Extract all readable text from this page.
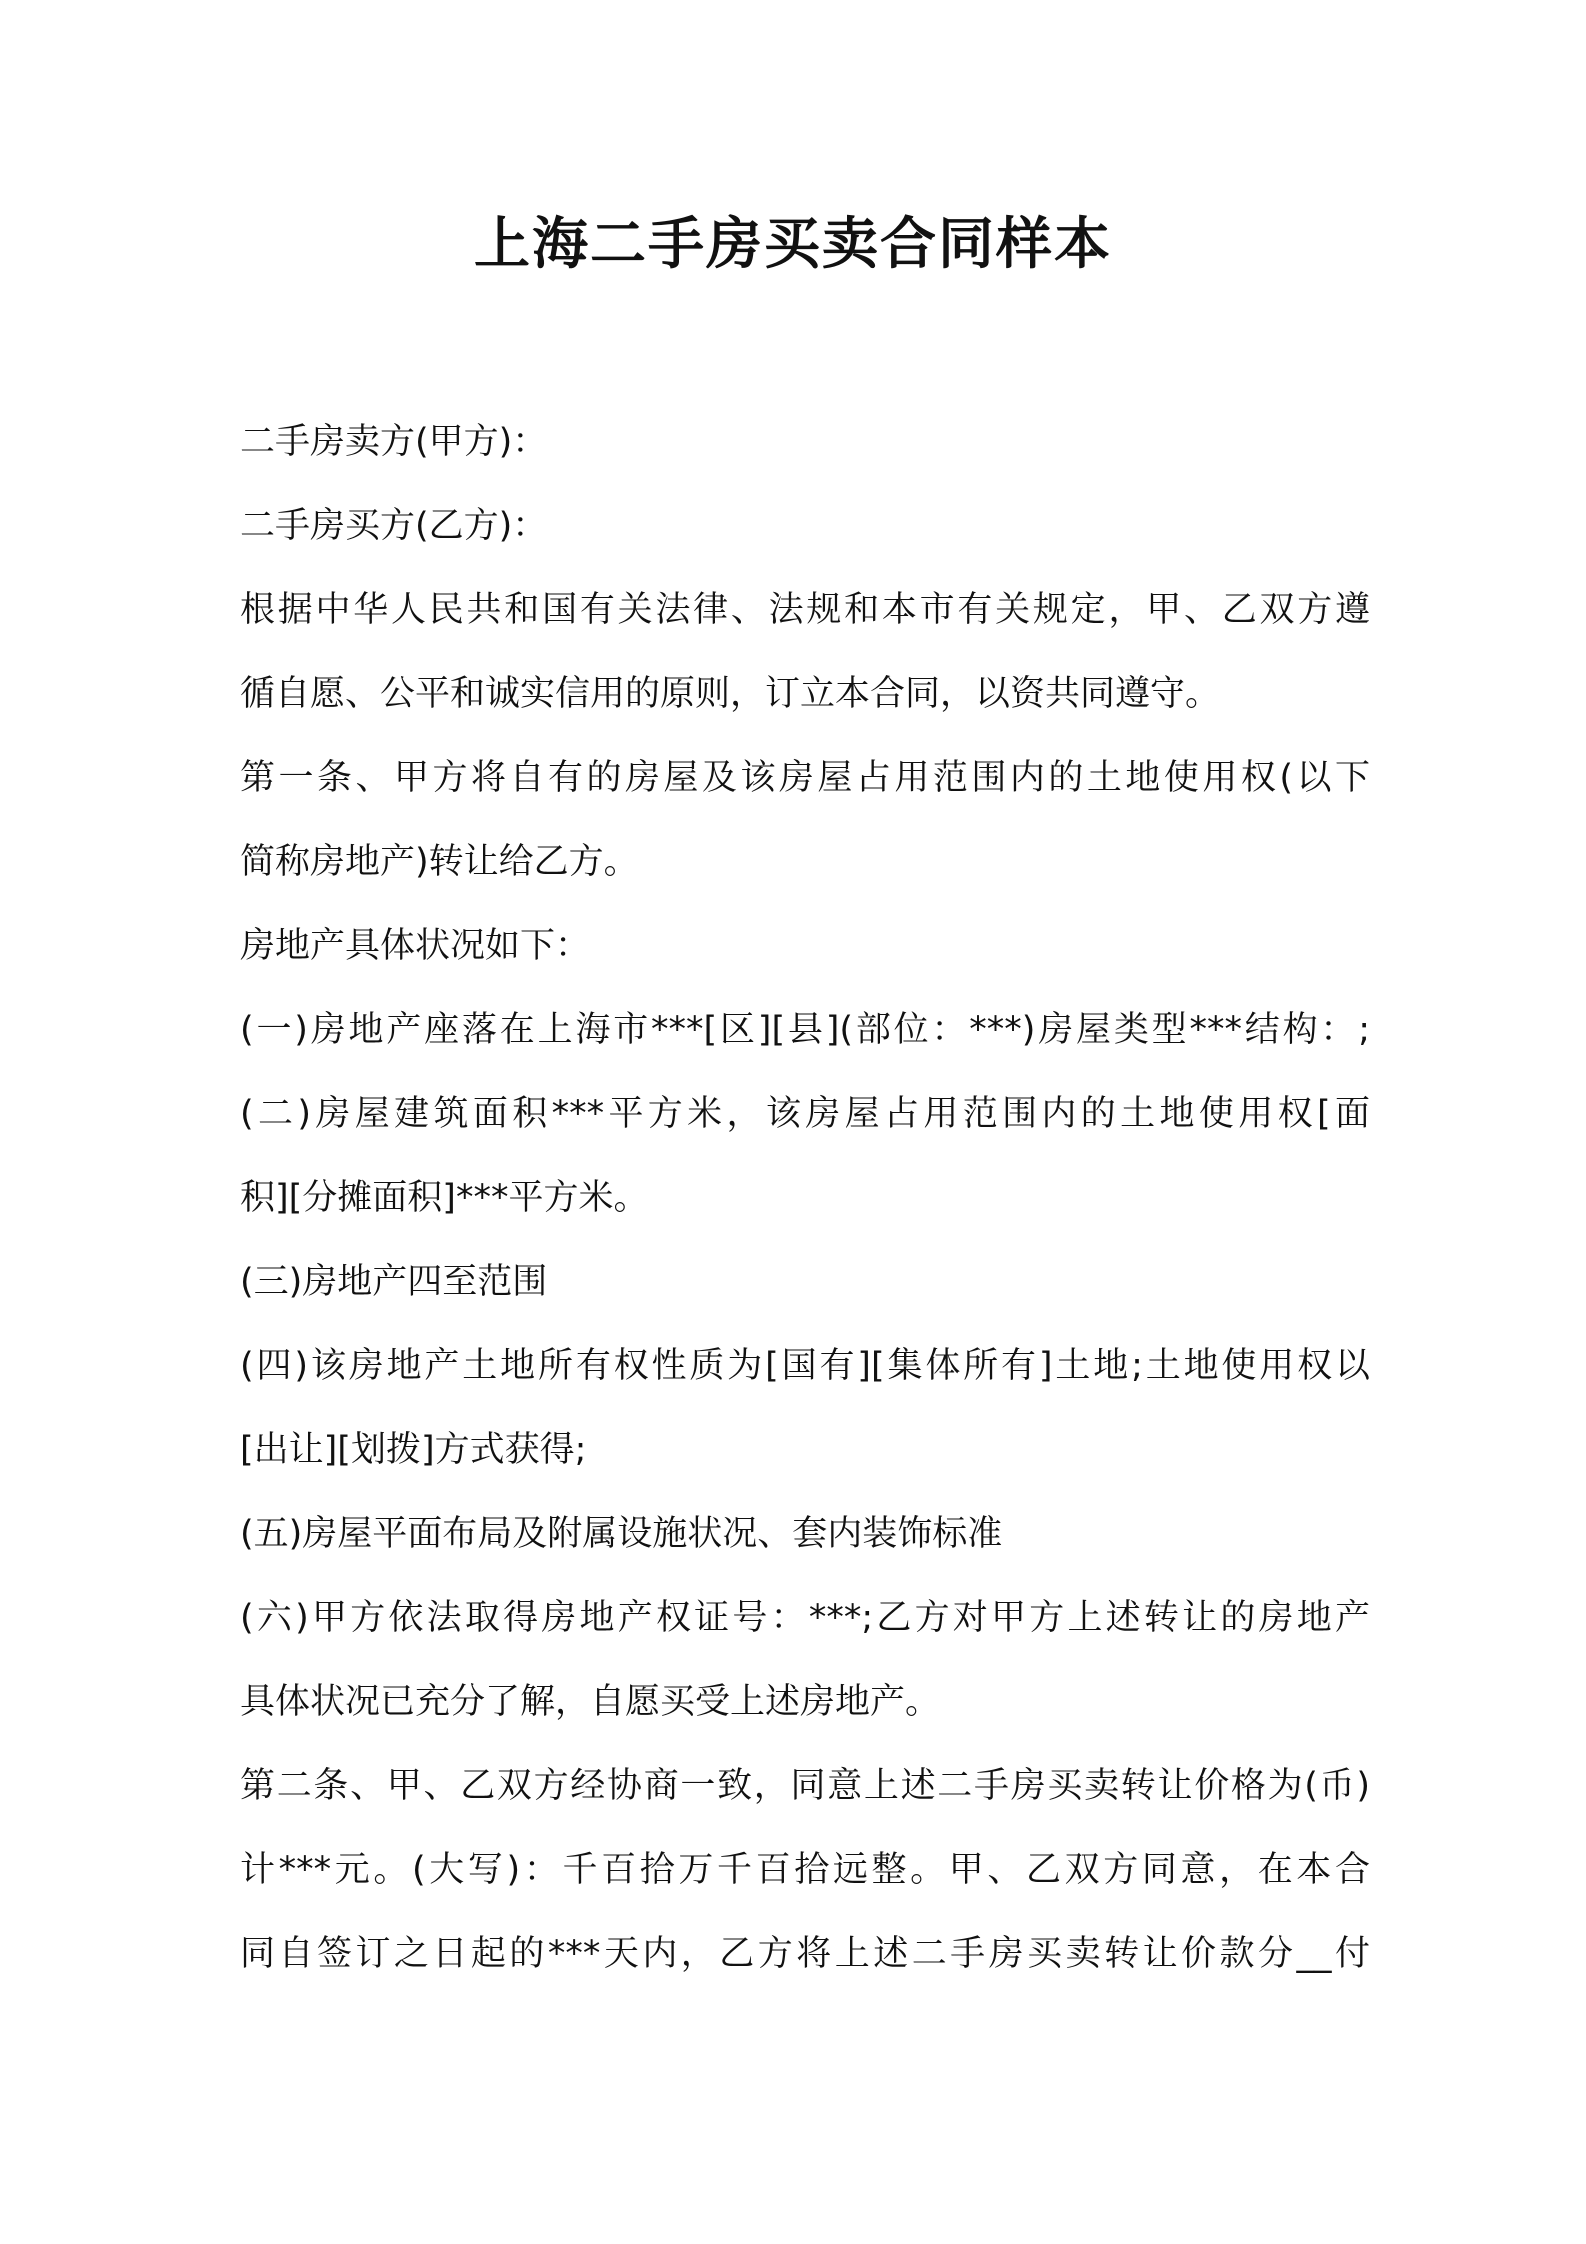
上海二手房买卖合同样本

二手房卖方(甲方)：

二手房买方(乙方)：

根据中华人民共和国有关法律、法规和本市有关规定，甲、乙双方遵

循自愿、公平和诚实信用的原则，订立本合同，以资共同遵守。

第一条、甲方将自有的房屋及该房屋占用范围内的土地使用权(以下

简称房地产)转让给乙方。

房地产具体状况如下：

(一)房地产座落在上海市***[区][县](部位：***)房屋类型***结构：;

(二)房屋建筑面积***平方米，该房屋占用范围内的土地使用权[面

积][分摊面积]***平方米。

(三)房地产四至范围

(四)该房地产土地所有权性质为[国有][集体所有]土地;土地使用权以

[出让][划拨]方式获得;

(五)房屋平面布局及附属设施状况、套内装饰标准

(六)甲方依法取得房地产权证号：***;乙方对甲方上述转让的房地产

具体状况已充分了解，自愿买受上述房地产。

第二条、甲、乙双方经协商一致，同意上述二手房买卖转让价格为(币)

计***元。(大写)：千百拾万千百拾远整。甲、乙双方同意，在本合

同自签订之日起的***天内，乙方将上述二手房买卖转让价款分__付
